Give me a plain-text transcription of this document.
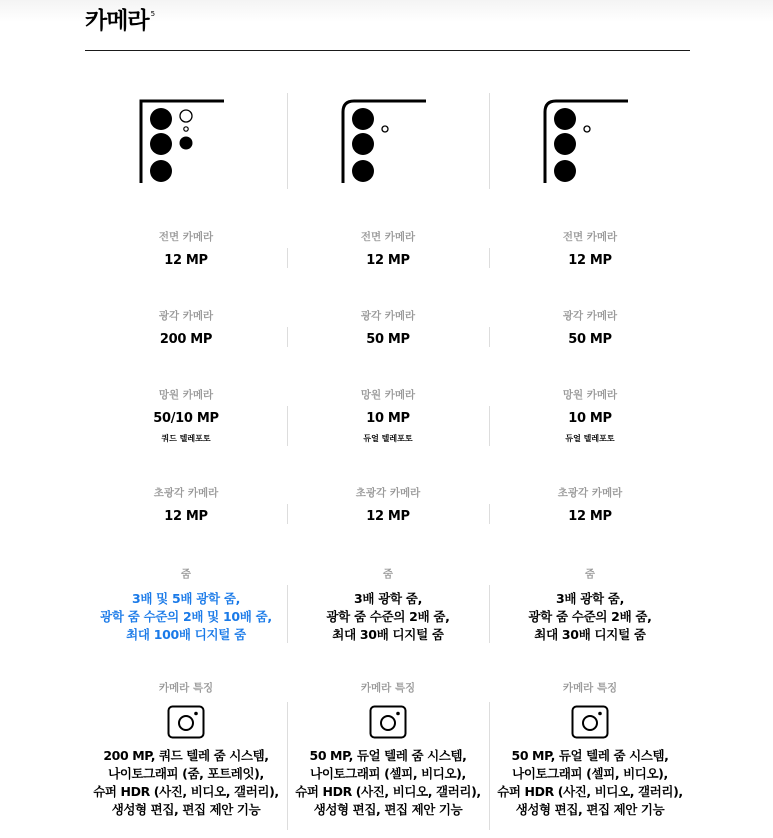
카메라 $^5$
전면 카메라
12 MP
광각 카메라
200 MP
망원 카메라
50/10 MP
쿼드 텔레포토
초광각 카메라
12 MP
줌
3배 및 5배 광학 줌,
광학 줌 수준의 2배 및 10배 줌,
최대 100배 디지털 줌
카메라 특징
200 MP, 쿼드 텔레 줌 시스템,
나이토그래피 (줌, 포트레잇),
슈퍼 HDR (사진, 비디오, 갤러리),
생성형 편집, 편집 제안 기능
전면 카메라
12 MP
광각 카메라
50 MP
망원 카메라
10 MP
듀얼 텔레포토
초광각 카메라
12 MP
줌
3배 광학 줌,
광학 줌 수준의 2배 줌,
최대 30배 디지털 줌
카메라 특징
50 MP, 듀얼 텔레 줌 시스템,
나이토그래피 (셀피, 비디오),
슈퍼 HDR (사진, 비디오, 갤러리),
생성형 편집, 편집 제안 기능
전면 카메라
12 MP
광각 카메라
50 MP
망원 카메라
10 MP
듀얼 텔레포토
초광각 카메라
12 MP
줌
3배 광학 줌,
광학 줌 수준의 2배 줌,
최대 30배 디지털 줌
카메라 특징
50 MP, 듀얼 텔레 줌 시스템,
나이토그래피 (셀피, 비디오),
슈퍼 HDR (사진, 비디오, 갤러리),
생성형 편집, 편집 제안 기능
